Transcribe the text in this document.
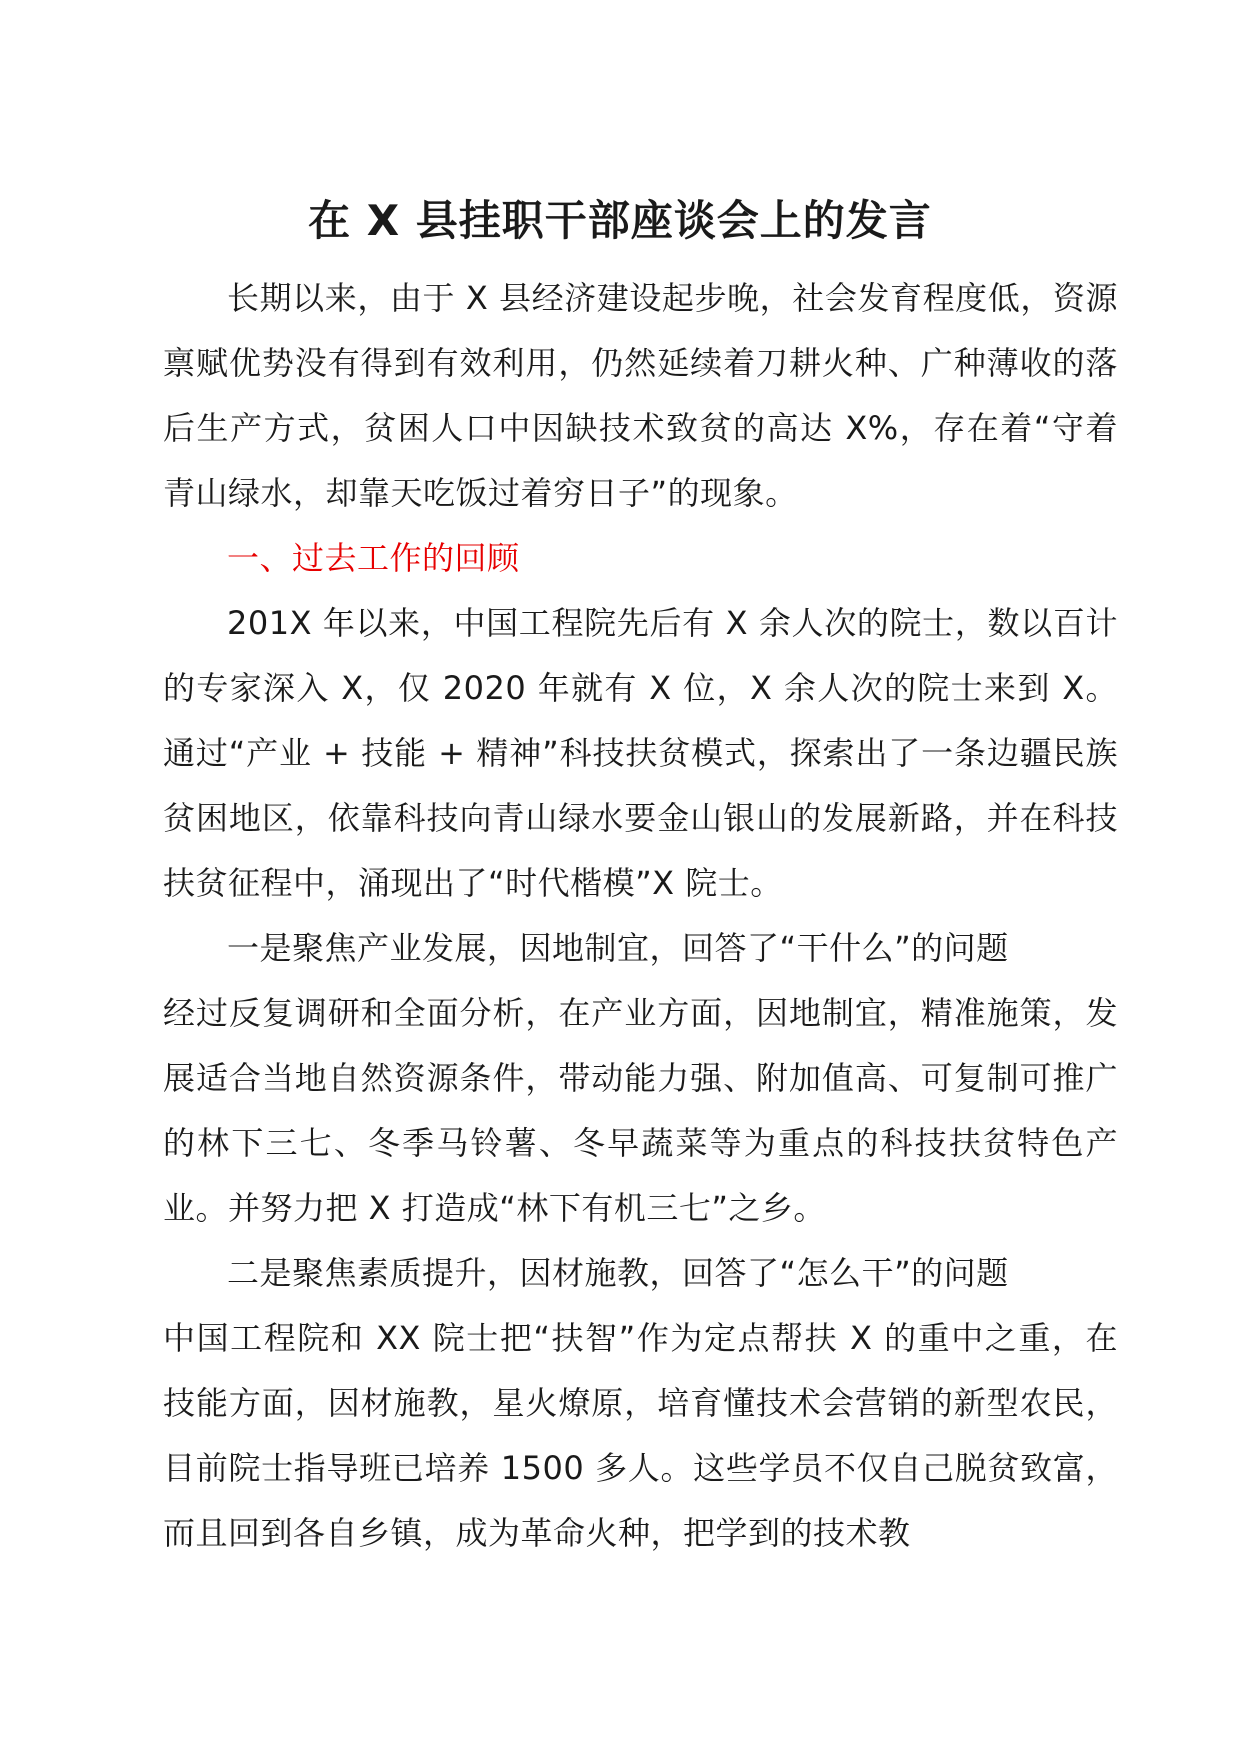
在 X 县挂职干部座谈会上的发言

长期以来，由于 X 县经济建设起步晚，社会发育程度低，资源禀赋优势没有得到有效利用，仍然延续着刀耕火种、广种薄收的落后生产方式，贫困人口中因缺技术致贫的高达 X%，存在着“守着青山绿水，却靠天吃饭过着穷日子”的现象。

一、过去工作的回顾

201X 年以来，中国工程院先后有 X 余人次的院士，数以百计的专家深入 X，仅 2020 年就有 X 位，X 余人次的院士来到 X。通过“产业 + 技能 + 精神”科技扶贫模式，探索出了一条边疆民族贫困地区，依靠科技向青山绿水要金山银山的发展新路，并在科技扶贫征程中，涌现出了“时代楷模”X 院士。

一是聚焦产业发展，因地制宜，回答了“干什么”的问题

经过反复调研和全面分析，在产业方面，因地制宜，精准施策，发展适合当地自然资源条件，带动能力强、附加值高、可复制可推广的林下三七、冬季马铃薯、冬早蔬菜等为重点的科技扶贫特色产业。并努力把 X 打造成“林下有机三七”之乡。

二是聚焦素质提升，因材施教，回答了“怎么干”的问题

中国工程院和 XX 院士把“扶智”作为定点帮扶 X 的重中之重，在技能方面，因材施教，星火燎原，培育懂技术会营销的新型农民，目前院士指导班已培养 1500 多人。这些学员不仅自己脱贫致富，而且回到各自乡镇，成为革命火种，把学到的技术教
